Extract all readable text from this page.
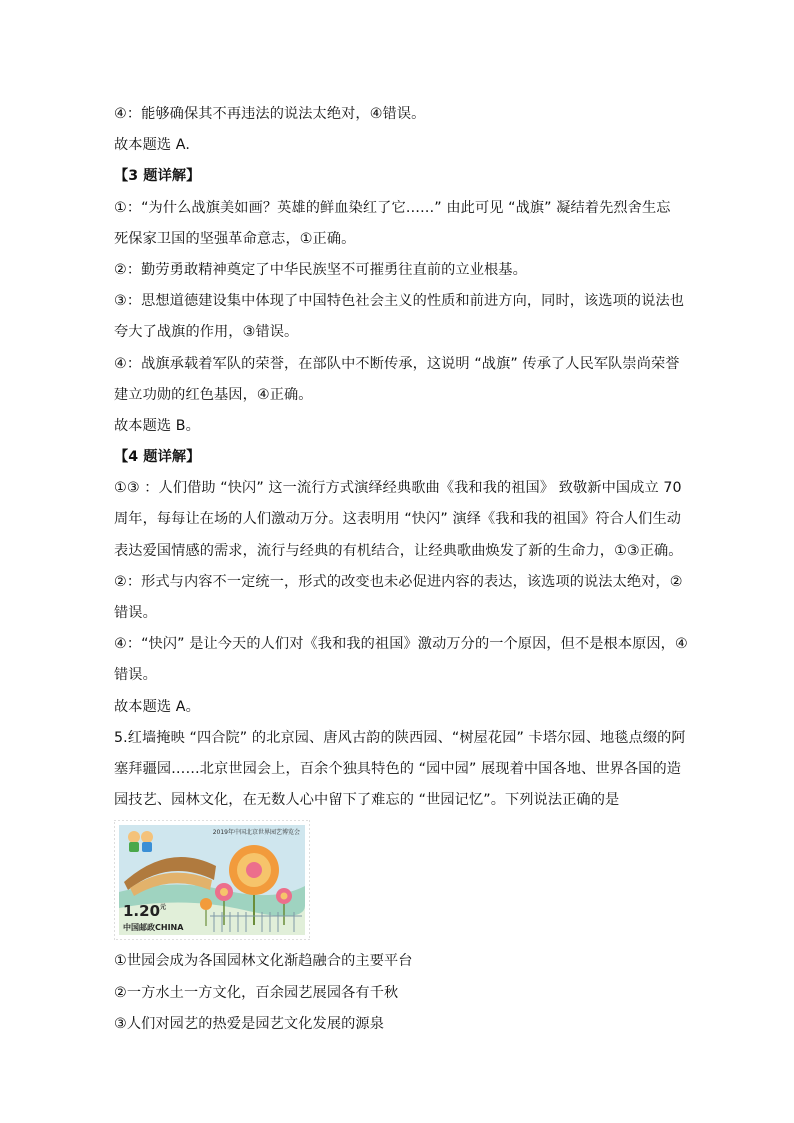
④：能够确保其不再违法的说法太绝对，④错误。
故本题选 A.
【3 题详解】
①：“为什么战旗美如画？英雄的鲜血染红了它……” 由此可见 “战旗” 凝结着先烈舍生忘
死保家卫国的坚强革命意志，①正确。
②：勤劳勇敢精神奠定了中华民族坚不可摧勇往直前的立业根基。
③：思想道德建设集中体现了中国特色社会主义的性质和前进方向，同时，该选项的说法也
夸大了战旗的作用，③错误。
④：战旗承载着军队的荣誉，在部队中不断传承，这说明 “战旗” 传承了人民军队崇尚荣誉
建立功勋的红色基因，④正确。
故本题选 B。
【4 题详解】
①③ ：人们借助 “快闪” 这一流行方式演绎经典歌曲《我和我的祖国》 致敬新中国成立 70
周年，每每让在场的人们激动万分。这表明用 “快闪” 演绎《我和我的祖国》符合人们生动
表达爱国情感的需求，流行与经典的有机结合，让经典歌曲焕发了新的生命力，①③正确。
②：形式与内容不一定统一，形式的改变也未必促进内容的表达，该选项的说法太绝对，②
错误。
④：“快闪” 是让今天的人们对《我和我的祖国》激动万分的一个原因，但不是根本原因，④
错误。
故本题选 A。
5.红墙掩映 “四合院” 的北京园、唐风古韵的陕西园、“树屋花园” 卡塔尔园、地毯点缀的阿
塞拜疆园……北京世园会上，百余个独具特色的 “园中园” 展现着中国各地、世界各国的造
园技艺、园林文化，在无数人心中留下了难忘的 “世园记忆”。下列说法正确的是
2019年中国北京世界园艺博览会
$1.20^元$
中国邮政CHINA
①世园会成为各国园林文化渐趋融合的主要平台
②一方水土一方文化，百余园艺展园各有千秋
③人们对园艺的热爱是园艺文化发展的源泉
